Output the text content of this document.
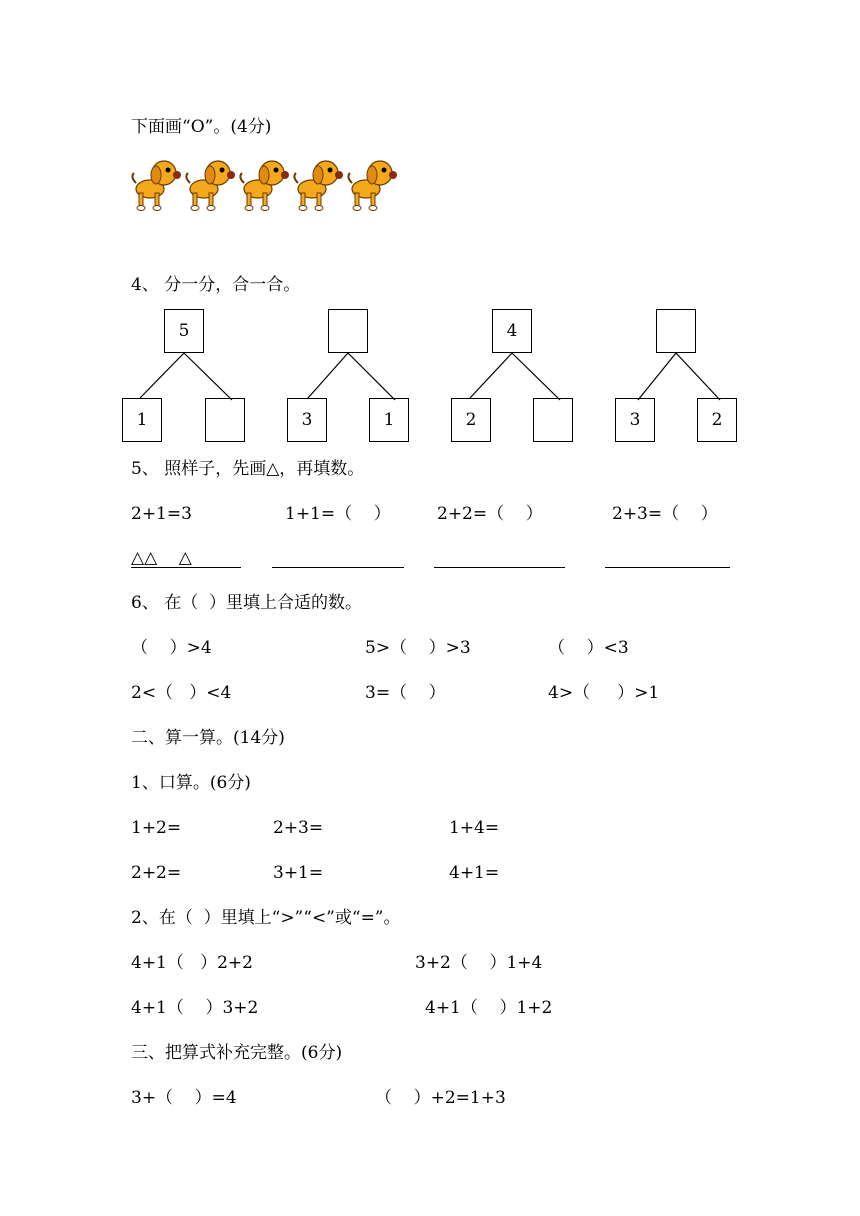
下面画“O”。(4分)
4、 分一分，合一合。
5
1	3	1
4
2	3	2
5、 照样子，先画△，再填数。
2+1=3	1+1=（    ）	2+2=（    ）	2+3=（    ）
△△    △
6、 在（  ）里填上合适的数。
（    ）>4	5>（    ）>3	（    ）<3
2<（   ）<4	3=（    ）	4>（     ）>1
二、算一算。(14分)
1、口算。(6分)
1+2=	2+3=	1+4=
2+2=	3+1=	4+1=
2、在（  ）里填上“>”“<”或“=”。
4+1（   ）2+2	3+2（    ）1+4
4+1（    ）3+2	4+1（    ）1+2
三、把算式补充完整。(6分)
3+（    ）=4	（    ）+2=1+3
